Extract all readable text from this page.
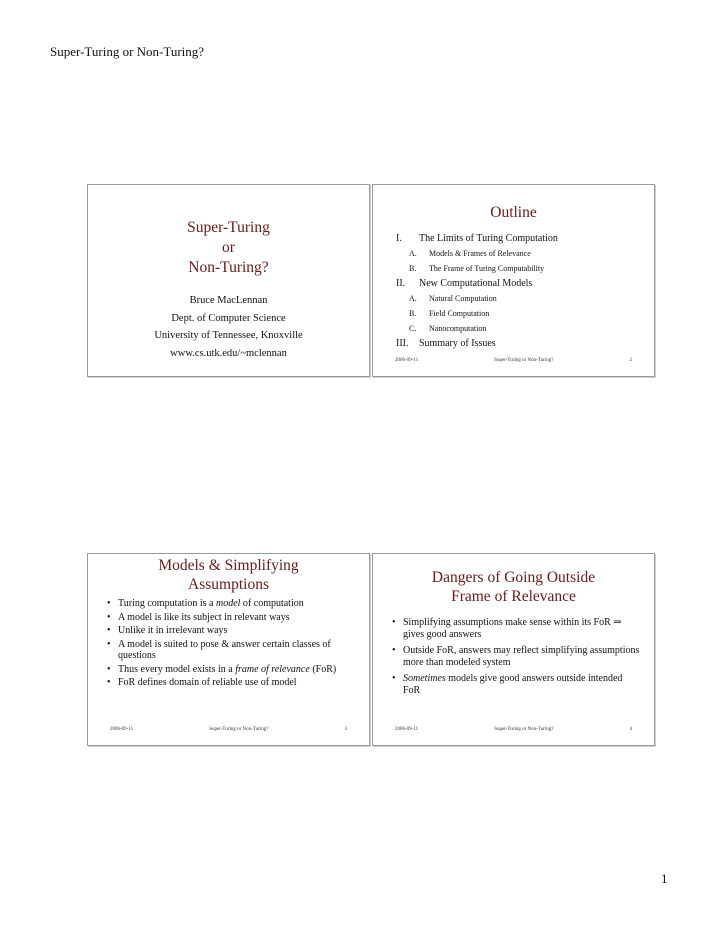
Super-Turing or Non-Turing?
Super-Turing
or
Non-Turing?
Bruce MacLennan
Dept. of Computer Science
University of Tennessee, Knoxville
www.cs.utk.edu/~mclennan
Outline
I. The Limits of Turing Computation
A. Models & Frames of Relevance
B. The Frame of Turing Computability
II. New Computational Models
A. Natural Computation
B. Field Computation
C. Nanocomputation
III. Summary of Issues
2006-09-11	Super-Turing or Non-Turing?	2
Models & Simplifying
Assumptions
• Turing computation is a model of computation
• A model is like its subject in relevant ways
• Unlike it in irrelevant ways
• A model is suited to pose & answer certain classes of questions
• Thus every model exists in a frame of relevance (FoR)
• FoR defines domain of reliable use of model
2006-09-11	Super-Turing or Non-Turing?	3
Dangers of Going Outside
Frame of Relevance
• Simplifying assumptions make sense within its FoR ⇒ gives good answers
• Outside FoR, answers may reflect simplifying assumptions more than modeled system
• Sometimes models give good answers outside intended FoR
2006-09-11	Super-Turing or Non-Turing?	4
1
